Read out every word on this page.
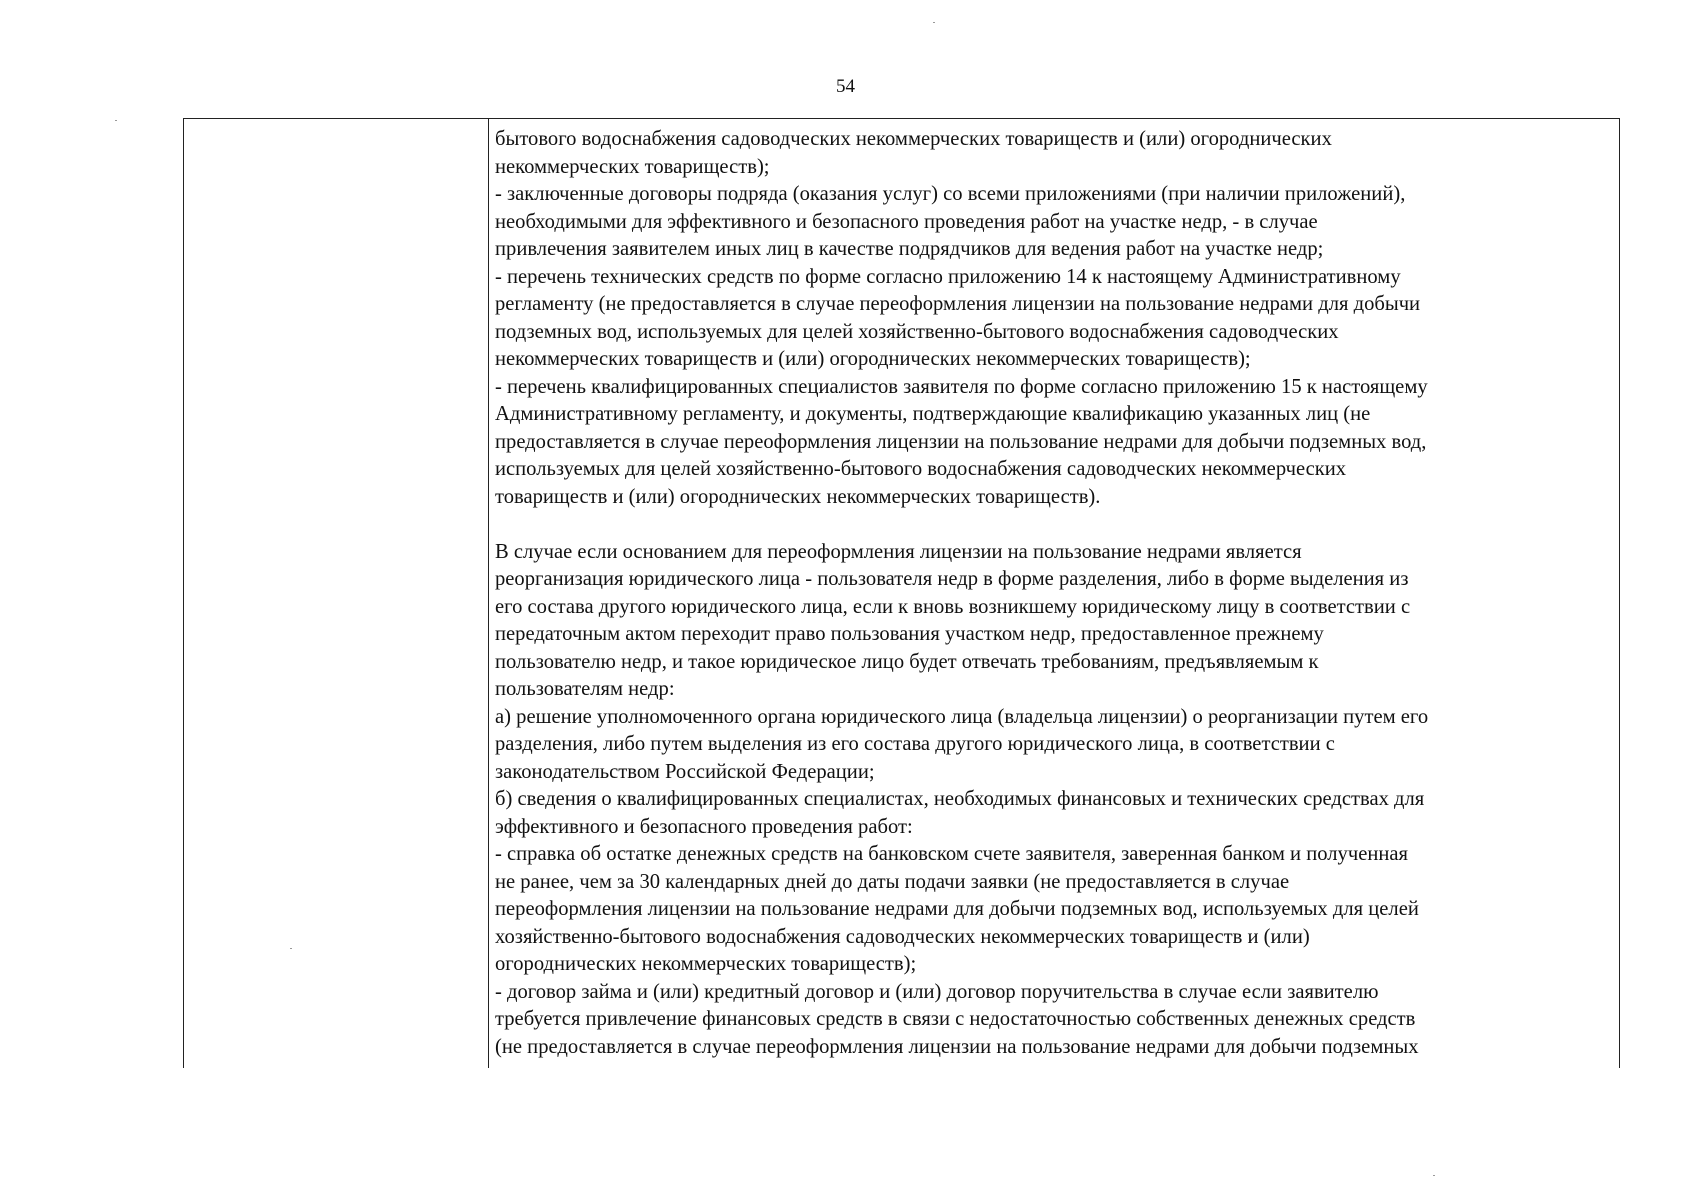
54
бытового водоснабжения садоводческих некоммерческих товариществ и (или) огороднических
некоммерческих товариществ);
- заключенные договоры подряда (оказания услуг) со всеми приложениями (при наличии приложений),
необходимыми для эффективного и безопасного проведения работ на участке недр, - в случае
привлечения заявителем иных лиц в качестве подрядчиков для ведения работ на участке недр;
- перечень технических средств по форме согласно приложению 14 к настоящему Административному
регламенту (не предоставляется в случае переоформления лицензии на пользование недрами для добычи
подземных вод, используемых для целей хозяйственно-бытового водоснабжения садоводческих
некоммерческих товариществ и (или) огороднических некоммерческих товариществ);
- перечень квалифицированных специалистов заявителя по форме согласно приложению 15 к настоящему
Административному регламенту, и документы, подтверждающие квалификацию указанных лиц (не
предоставляется в случае переоформления лицензии на пользование недрами для добычи подземных вод,
используемых для целей хозяйственно-бытового водоснабжения садоводческих некоммерческих
товариществ и (или) огороднических некоммерческих товариществ).
В случае если основанием для переоформления лицензии на пользование недрами является
реорганизация юридического лица - пользователя недр в форме разделения, либо в форме выделения из
его состава другого юридического лица, если к вновь возникшему юридическому лицу в соответствии с
передаточным актом переходит право пользования участком недр, предоставленное прежнему
пользователю недр, и такое юридическое лицо будет отвечать требованиям, предъявляемым к
пользователям недр:
а) решение уполномоченного органа юридического лица (владельца лицензии) о реорганизации путем его
разделения, либо путем выделения из его состава другого юридического лица, в соответствии с
законодательством Российской Федерации;
б) сведения о квалифицированных специалистах, необходимых финансовых и технических средствах для
эффективного и безопасного проведения работ:
- справка об остатке денежных средств на банковском счете заявителя, заверенная банком и полученная
не ранее, чем за 30 календарных дней до даты подачи заявки (не предоставляется в случае
переоформления лицензии на пользование недрами для добычи подземных вод, используемых для целей
хозяйственно-бытового водоснабжения садоводческих некоммерческих товариществ и (или)
огороднических некоммерческих товариществ);
- договор займа и (или) кредитный договор и (или) договор поручительства в случае если заявителю
требуется привлечение финансовых средств в связи с недостаточностью собственных денежных средств
(не предоставляется в случае переоформления лицензии на пользование недрами для добычи подземных
